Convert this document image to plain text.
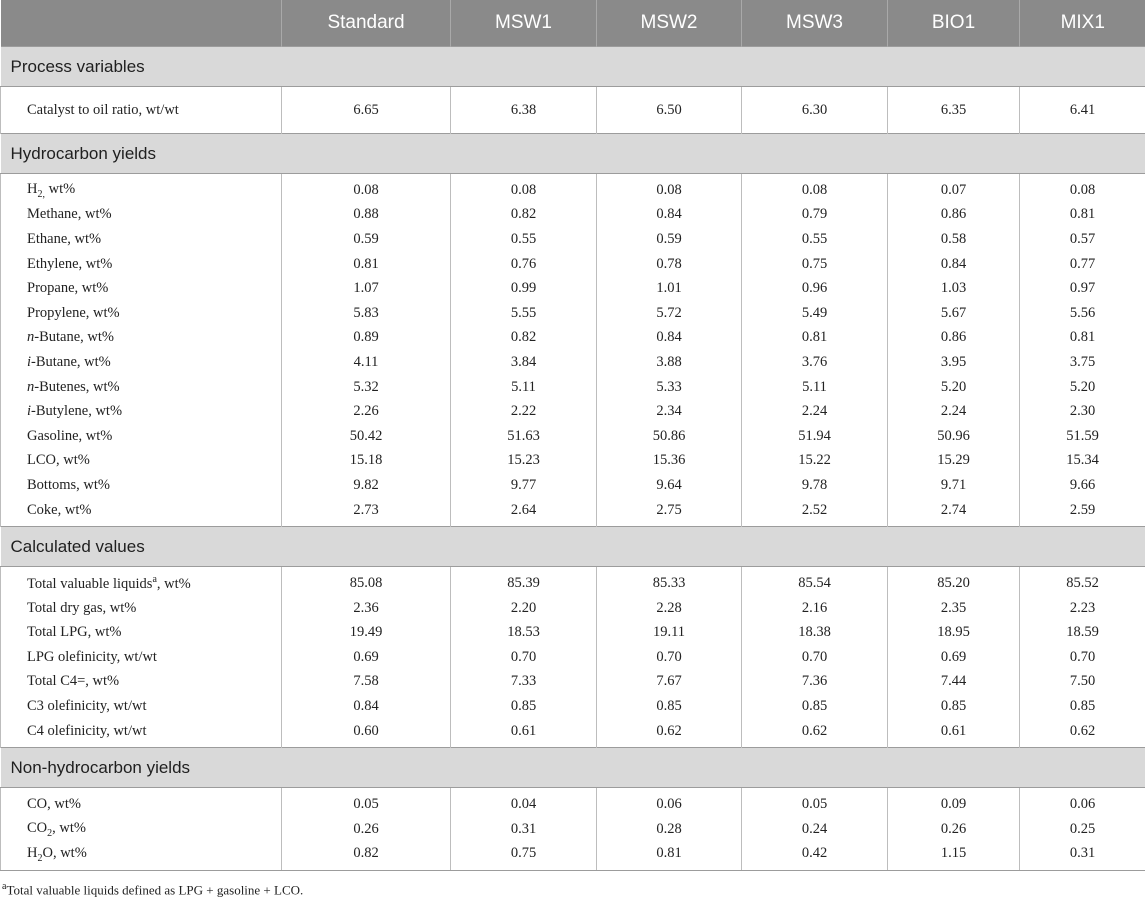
	Standard	MSW1	MSW2	MSW3	BIO1	MIX1
Process variables						
Catalyst to oil ratio, wt/wt	6.65	6.38	6.50	6.30	6.35	6.41
Hydrocarbon yields						
$H_{2,}$ wt%	0.08	0.08	0.08	0.08	0.07	0.08
Methane, wt%	0.88	0.82	0.84	0.79	0.86	0.81
Ethane, wt%	0.59	0.55	0.59	0.55	0.58	0.57
Ethylene, wt%	0.81	0.76	0.78	0.75	0.84	0.77
Propane, wt%	1.07	0.99	1.01	0.96	1.03	0.97
Propylene, wt%	5.83	5.55	5.72	5.49	5.67	5.56
n-Butane, wt%	0.89	0.82	0.84	0.81	0.86	0.81
i-Butane, wt%	4.11	3.84	3.88	3.76	3.95	3.75
n-Butenes, wt%	5.32	5.11	5.33	5.11	5.20	5.20
i-Butylene, wt%	2.26	2.22	2.34	2.24	2.24	2.30
Gasoline, wt%	50.42	51.63	50.86	51.94	50.96	51.59
LCO, wt%	15.18	15.23	15.36	15.22	15.29	15.34
Bottoms, wt%	9.82	9.77	9.64	9.78	9.71	9.66
Coke, wt%	2.73	2.64	2.75	2.52	2.74	2.59
Calculated values						
Total valuable liquids$^a$, wt%	85.08	85.39	85.33	85.54	85.20	85.52
Total dry gas, wt%	2.36	2.20	2.28	2.16	2.35	2.23
Total LPG, wt%	19.49	18.53	19.11	18.38	18.95	18.59
LPG olefinicity, wt/wt	0.69	0.70	0.70	0.70	0.69	0.70
Total C4=, wt%	7.58	7.33	7.67	7.36	7.44	7.50
C3 olefinicity, wt/wt	0.84	0.85	0.85	0.85	0.85	0.85
C4 olefinicity, wt/wt	0.60	0.61	0.62	0.62	0.61	0.62
Non-hydrocarbon yields						
CO, wt%	0.05	0.04	0.06	0.05	0.09	0.06
$CO_2$, wt%	0.26	0.31	0.28	0.24	0.26	0.25
$H_2O$, wt%	0.82	0.75	0.81	0.42	1.15	0.31
$^a$Total valuable liquids defined as LPG + gasoline + LCO.
